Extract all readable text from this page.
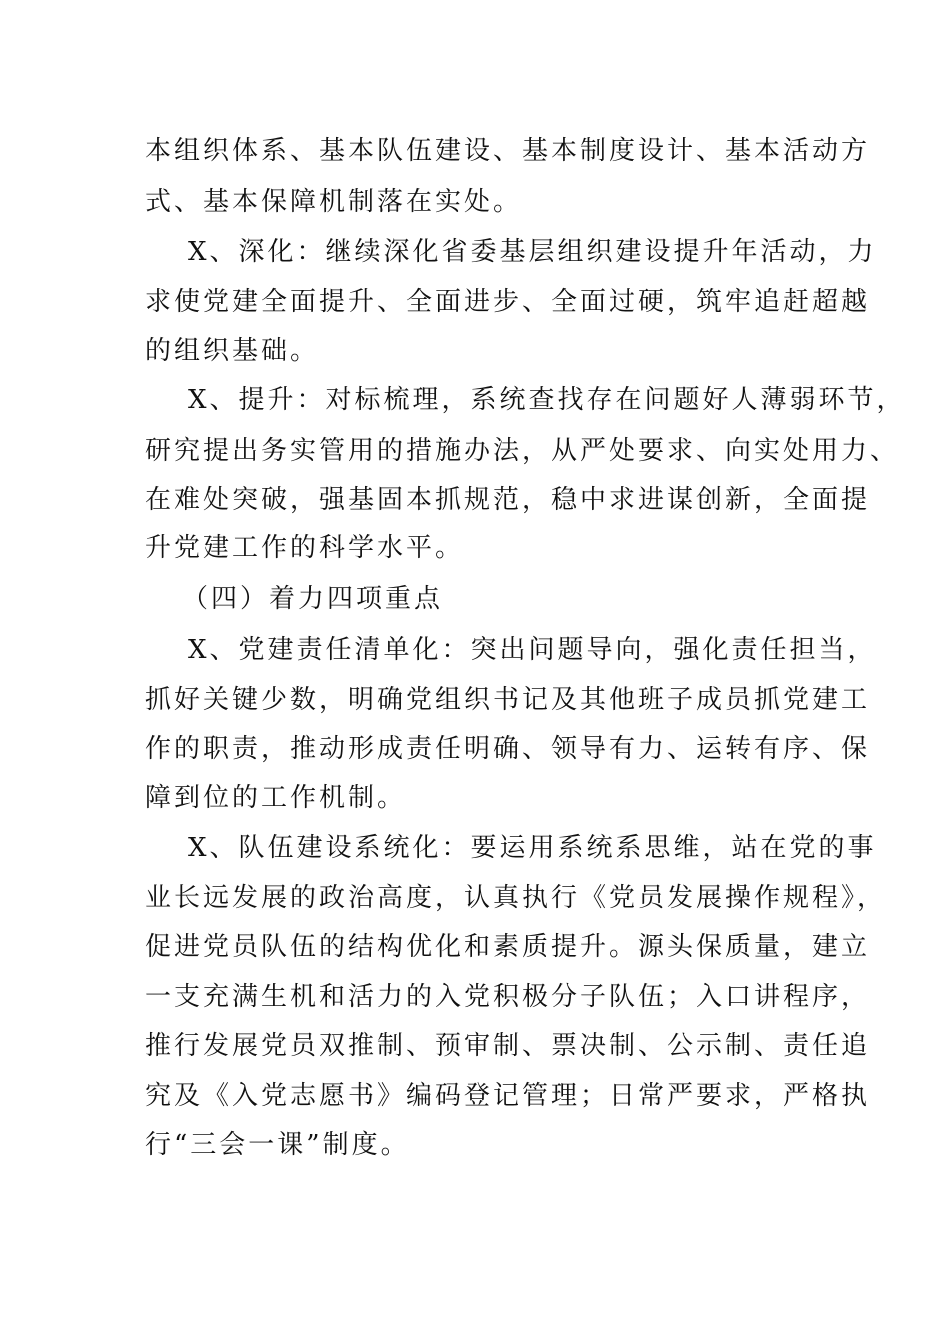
本组织体系、基本队伍建设、基本制度设计、基本活动方

式、基本保障机制落在实处。

X、深化：继续深化省委基层组织建设提升年活动，力

求使党建全面提升、全面进步、全面过硬，筑牢追赶超越

的组织基础。

X、提升：对标梳理，系统查找存在问题好人薄弱环节，

研究提出务实管用的措施办法，从严处要求、向实处用力、

在难处突破，强基固本抓规范，稳中求进谋创新，全面提

升党建工作的科学水平。

（四）着力四项重点

X、党建责任清单化：突出问题导向，强化责任担当，

抓好关键少数，明确党组织书记及其他班子成员抓党建工

作的职责，推动形成责任明确、领导有力、运转有序、保

障到位的工作机制。

X、队伍建设系统化：要运用系统系思维，站在党的事

业长远发展的政治高度，认真执行《党员发展操作规程》，

促进党员队伍的结构优化和素质提升。源头保质量，建立

一支充满生机和活力的入党积极分子队伍；入口讲程序，

推行发展党员双推制、预审制、票决制、公示制、责任追

究及《入党志愿书》编码登记管理；日常严要求，严格执

行“三会一课”制度。
